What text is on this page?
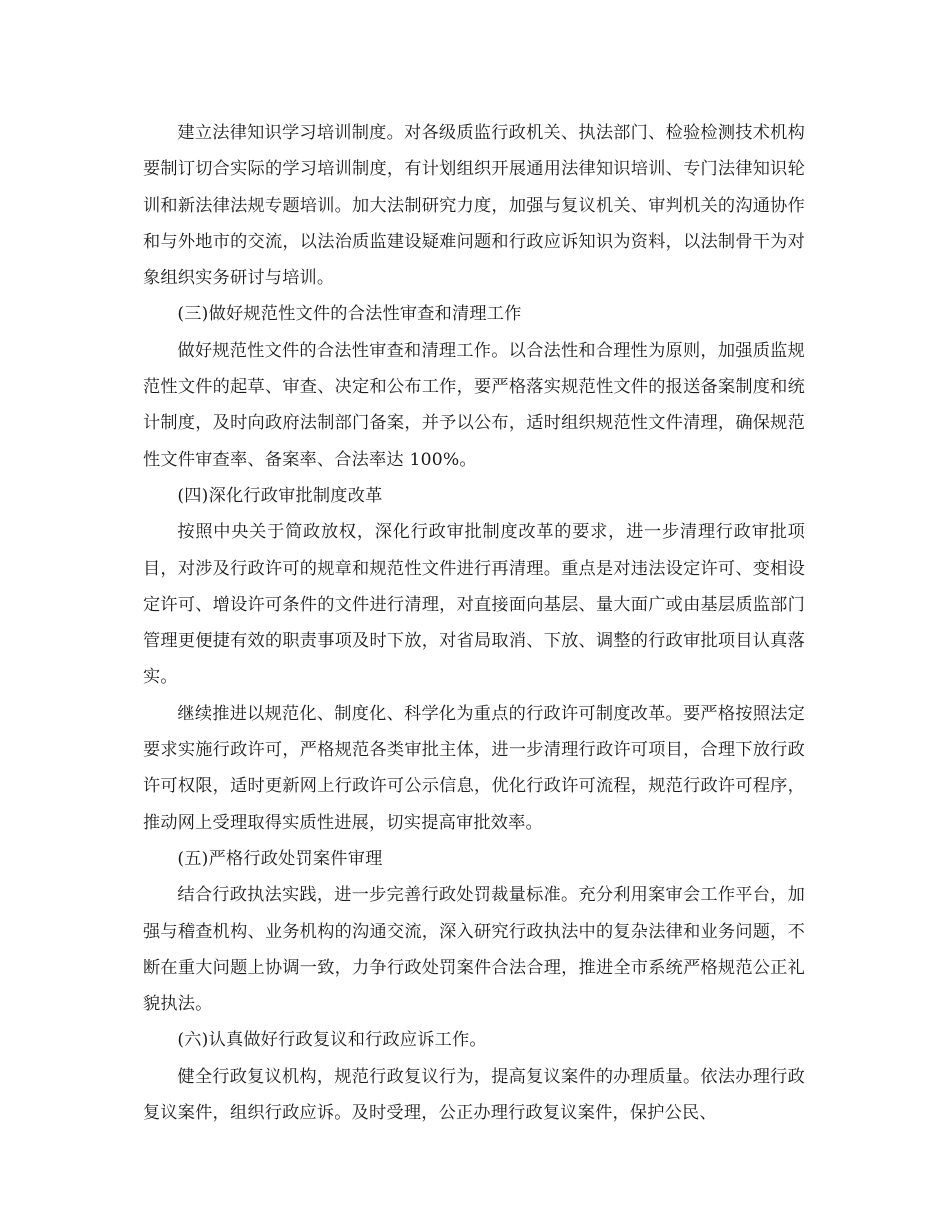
建立法律知识学习培训制度。对各级质监行政机关、执法部门、检验检测技术机构要制订切合实际的学习培训制度，有计划组织开展通用法律知识培训、专门法律知识轮训和新法律法规专题培训。加大法制研究力度，加强与复议机关、审判机关的沟通协作和与外地市的交流，以法治质监建设疑难问题和行政应诉知识为资料，以法制骨干为对象组织实务研讨与培训。

(三)做好规范性文件的合法性审查和清理工作

做好规范性文件的合法性审查和清理工作。以合法性和合理性为原则，加强质监规范性文件的起草、审查、决定和公布工作，要严格落实规范性文件的报送备案制度和统计制度，及时向政府法制部门备案，并予以公布，适时组织规范性文件清理，确保规范性文件审查率、备案率、合法率达 100%。

(四)深化行政审批制度改革

按照中央关于简政放权，深化行政审批制度改革的要求，进一步清理行政审批项目，对涉及行政许可的规章和规范性文件进行再清理。重点是对违法设定许可、变相设定许可、增设许可条件的文件进行清理，对直接面向基层、量大面广或由基层质监部门管理更便捷有效的职责事项及时下放，对省局取消、下放、调整的行政审批项目认真落实。

继续推进以规范化、制度化、科学化为重点的行政许可制度改革。要严格按照法定要求实施行政许可，严格规范各类审批主体，进一步清理行政许可项目，合理下放行政许可权限，适时更新网上行政许可公示信息，优化行政许可流程，规范行政许可程序，推动网上受理取得实质性进展，切实提高审批效率。

(五)严格行政处罚案件审理

结合行政执法实践，进一步完善行政处罚裁量标准。充分利用案审会工作平台，加强与稽查机构、业务机构的沟通交流，深入研究行政执法中的复杂法律和业务问题，不断在重大问题上协调一致，力争行政处罚案件合法合理，推进全市系统严格规范公正礼貌执法。

(六)认真做好行政复议和行政应诉工作。

健全行政复议机构，规范行政复议行为，提高复议案件的办理质量。依法办理行政复议案件，组织行政应诉。及时受理，公正办理行政复议案件，保护公民、
